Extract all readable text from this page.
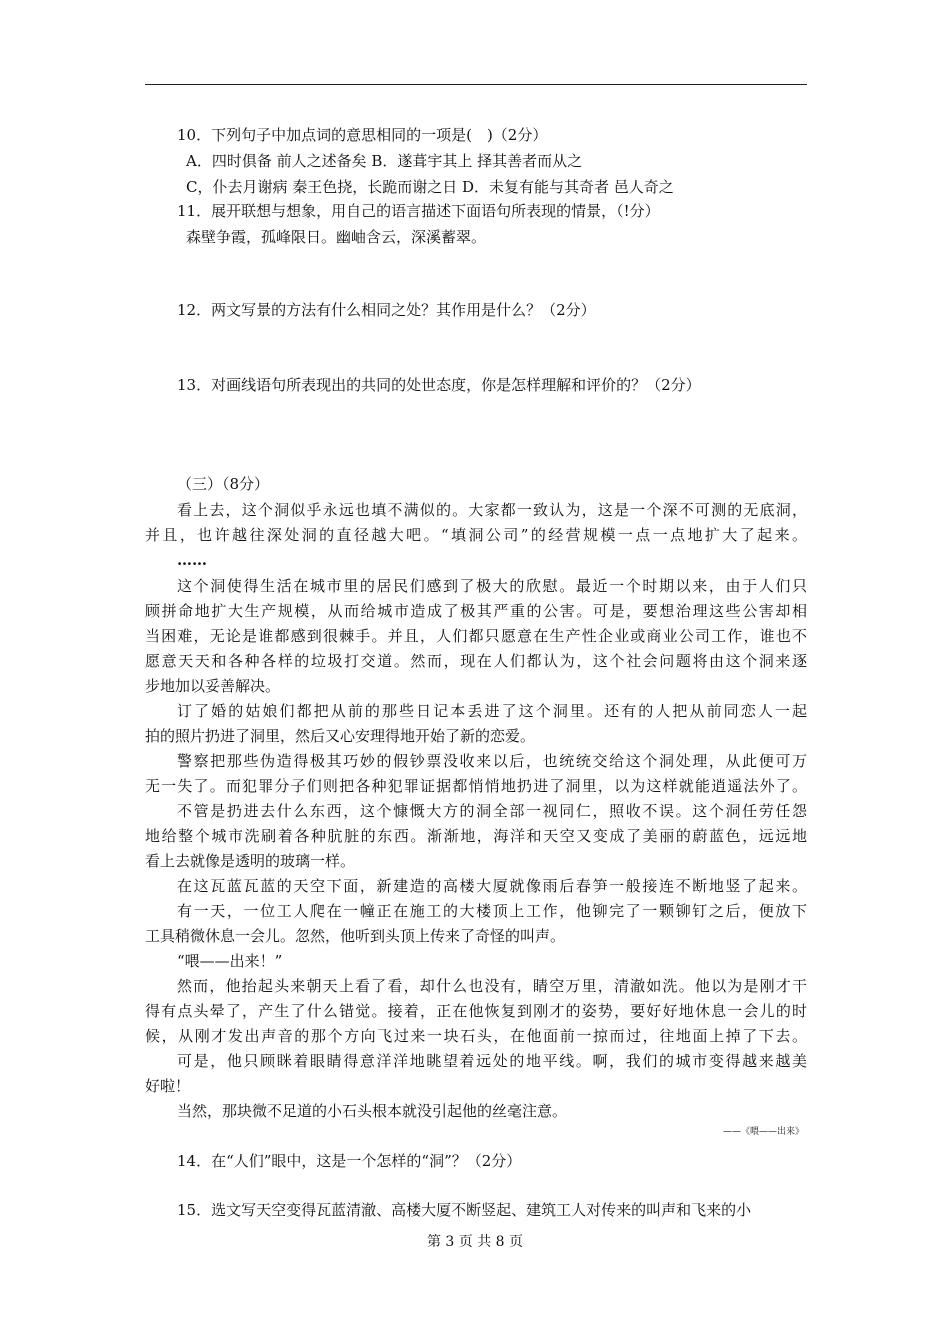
10．下列句子中加点词的意思相同的一项是(　)（2分）
A．四时俱备 前人之述备矣 B．遂葺宇其上 择其善者而从之
C，仆去月谢病 秦王色挠，长跪而谢之日 D．未复有能与其奇者 邑人奇之
11．展开联想与想象，用自己的语言描述下面语句所表现的情景，（!分）
森壁争霞，孤峰限日。幽岫含云，深溪蓄翠。
12．两文写景的方法有什么相同之处？其作用是什么？（2分）
13．对画线语句所表现出的共同的处世态度，你是怎样理解和评价的？（2分）
（三）（8分）
看上去，这个洞似乎永远也填不满似的。大家都一致认为，这是一个深不可测的无底洞，
并且，也许越往深处洞的直径越大吧。“填洞公司”的经营规模一点一点地扩大了起来。
……
这个洞使得生活在城市里的居民们感到了极大的欣慰。最近一个时期以来，由于人们只
顾拼命地扩大生产规模，从而给城市造成了极其严重的公害。可是，要想治理这些公害却相
当困难，无论是谁都感到很棘手。并且，人们都只愿意在生产性企业或商业公司工作，谁也不
愿意天天和各种各样的垃圾打交道。然而，现在人们都认为，这个社会问题将由这个洞来逐
步地加以妥善解决。
订了婚的姑娘们都把从前的那些日记本丢进了这个洞里。还有的人把从前同恋人一起
拍的照片扔进了洞里，然后又心安理得地开始了新的恋爱。
警察把那些伪造得极其巧妙的假钞票没收来以后，也统统交给这个洞处理，从此便可万
无一失了。而犯罪分子们则把各种犯罪证据都悄悄地扔进了洞里，以为这样就能逍遥法外了。
不管是扔进去什么东西，这个慷慨大方的洞全部一视同仁，照收不误。这个洞任劳任怨
地给整个城市洗刷着各种肮脏的东西。渐渐地，海洋和天空又变成了美丽的蔚蓝色，远远地
看上去就像是透明的玻璃一样。
在这瓦蓝瓦蓝的天空下面，新建造的高楼大厦就像雨后春笋一般接连不断地竖了起来。
有一天，一位工人爬在一幢正在施工的大楼顶上工作，他铆完了一颗铆钉之后，便放下
工具稍微休息一会儿。忽然，他听到头顶上传来了奇怪的叫声。
“喂——出来！”
然而，他抬起头来朝天上看了看，却什么也没有，睛空万里，清澈如洗。他以为是刚才干
得有点头晕了，产生了什么错觉。接着，正在他恢复到刚才的姿势，要好好地休息一会儿的时
候，从刚才发出声音的那个方向飞过来一块石头，在他面前一掠而过，往地面上掉了下去。
可是，他只顾眯着眼睛得意洋洋地眺望着远处的地平线。啊，我们的城市变得越来越美
好啦！
当然，那块微不足道的小石头根本就没引起他的丝毫注意。
——《喂——出来》
14．在“人们”眼中，这是一个怎样的“洞”？（2分）
15．选文写天空变得瓦蓝清澈、高楼大厦不断竖起、建筑工人对传来的叫声和飞来的小
第 3 页 共 8 页
